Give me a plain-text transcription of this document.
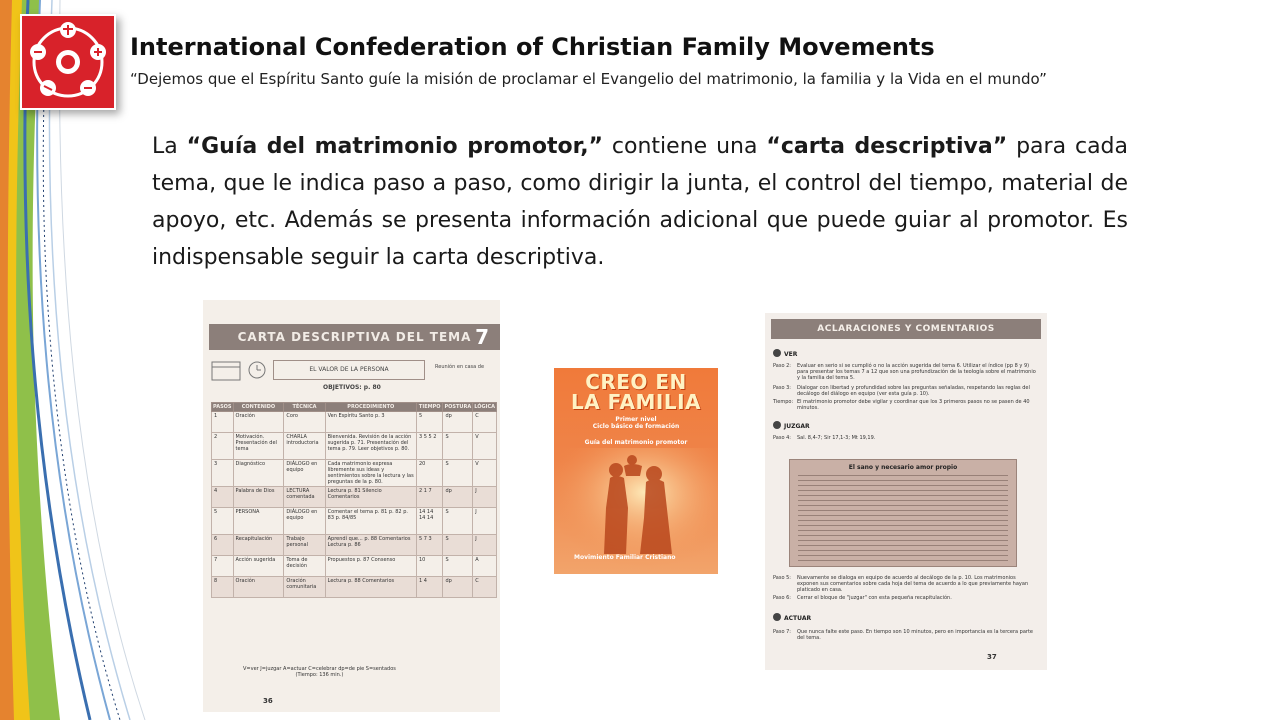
International Confederation of Christian Family Movements
“Dejemos que el Espíritu Santo guíe la misión de proclamar el Evangelio del matrimonio, la familia y la Vida en el mundo”

La “Guía del matrimonio promotor,” contiene una “carta descriptiva” para cada tema, que le indica paso a paso, como dirigir la junta, el control del tiempo, material de apoyo, etc. Además se presenta información adicional que puede guiar al promotor. Es indispensable seguir la carta descriptiva.

CARTA DESCRIPTIVA DEL TEMA 7
EL VALOR DE LA PERSONA
OBJETIVOS: p. 80
Reunión en casa de
PASOS	CONTENIDO	TÉCNICA	PROCEDIMIENTO	TIEMPO	POSTURA	LÓGICA
1	Oración	Coro	Ven Espíritu Santo p. 3	5	dp	C
2	Motivación. Presentación del tema	CHARLA introductoria	Bienvenida. Revisión de la acción sugerida p. 71. Presentación del tema p. 79. Leer objetivos p. 80.	3 5 5 2	S	V
3	Diagnóstico	DIÁLOGO en equipo	Cada matrimonio expresa libremente sus ideas y sentimientos sobre la lectura y las preguntas de la p. 80.	20	S	V
4	Palabra de Dios	LECTURA comentada	Lectura p. 81 Silencio Comentarios	2 1 7	dp	J
5	PERSONA	DIÁLOGO en equipo	Comentar el tema p. 81 p. 82 p. 83 p. 84/85	14 14 14 14	S	J
6	Recapitulación	Trabajo personal	Aprendí que... p. 88 Comentarios Lectura p. 86	5 7 3	S	J
7	Acción sugerida	Toma de decisión	Propuestos p. 87 Consenso	10	S	A
8	Oración	Oración comunitaria	Lectura p. 88 Comentarios	1 4	dp	C
V=ver J=juzgar A=actuar C=celebrar dp=de pie S=sentados
(Tiempo: 136 min.)
36
CREO EN
LA FAMILIA
Primer nivel
Ciclo básico de formación
Guía del matrimonio promotor
Movimiento Familiar Cristiano
ACLARACIONES Y COMENTARIOS
VER
Paso 2:	Evaluar en serio si se cumplió o no la acción sugerida del tema 6. Utilizar el índice (pp 8 y 9) para presentar los temas 7 a 12 que son una profundización de la teología sobre el matrimonio y la familia del tema 5.
Paso 3:	Dialogar con libertad y profundidad sobre las preguntas señaladas, respetando las reglas del decálogo del diálogo en equipo (ver esta guía p. 10).
Tiempo: El matrimonio promotor debe vigilar y coordinar que los 3 primeros pasos no se pasen de 40 minutos.
JUZGAR
Paso 4:	Sal. 8,4-7; Sir 17,1-3; Mt 19,19.
El sano y necesario amor propio
Paso 5:	Nuevamente se dialoga en equipo de acuerdo al decálogo de la p. 10. Los matrimonios exponen sus comentarios sobre cada hoja del tema de acuerdo a lo que previamente hayan platicado en casa.
Paso 6:	Cerrar el bloque de "juzgar" con esta pequeña recapitulación.
ACTUAR
Paso 7:	Que nunca falte este paso. En tiempo son 10 minutos, pero en importancia es la tercera parte del tema.
37
